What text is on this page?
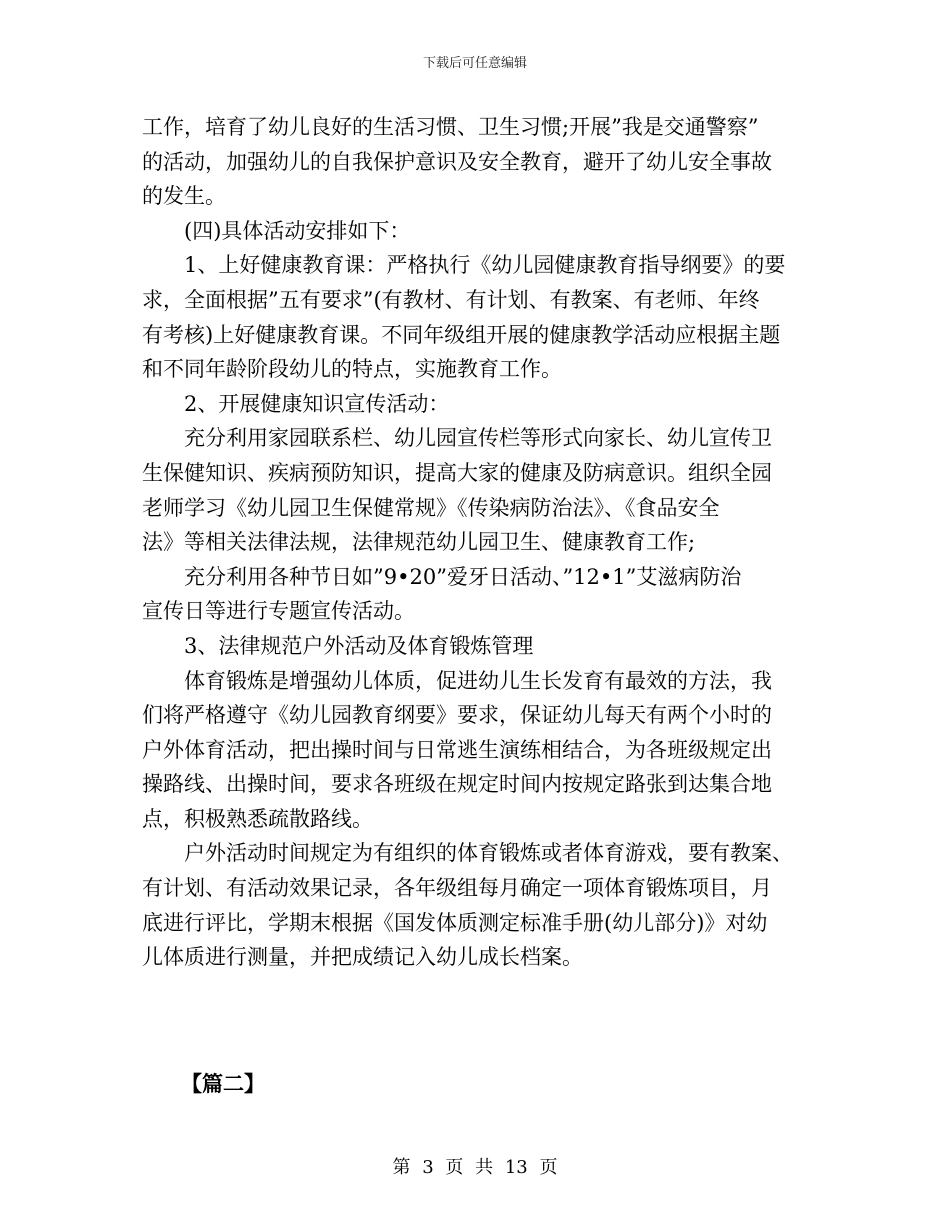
下载后可任意编辑
工作，培育了幼儿良好的生活习惯、卫生习惯;开展”我是交通警察”
的活动，加强幼儿的自我保护意识及安全教育，避开了幼儿安全事故
的发生。
(四)具体活动安排如下：
1、上好健康教育课：严格执行《幼儿园健康教育指导纲要》的要
求，全面根据”五有要求”(有教材、有计划、有教案、有老师、年终
有考核)上好健康教育课。不同年级组开展的健康教学活动应根据主题
和不同年龄阶段幼儿的特点，实施教育工作。
2、开展健康知识宣传活动：
充分利用家园联系栏、幼儿园宣传栏等形式向家长、幼儿宣传卫
生保健知识、疾病预防知识，提高大家的健康及防病意识。组织全园
老师学习《幼儿园卫生保健常规》《传染病防治法》、《食品安全
法》等相关法律法规，法律规范幼儿园卫生、健康教育工作;
充分利用各种节日如”9•20”爱牙日活动、”12•1”艾滋病防治
宣传日等进行专题宣传活动。
3、法律规范户外活动及体育锻炼管理
体育锻炼是增强幼儿体质，促进幼儿生长发育有最效的方法，我
们将严格遵守《幼儿园教育纲要》要求，保证幼儿每天有两个小时的
户外体育活动，把出操时间与日常逃生演练相结合，为各班级规定出
操路线、出操时间，要求各班级在规定时间内按规定路张到达集合地
点，积极熟悉疏散路线。
户外活动时间规定为有组织的体育锻炼或者体育游戏，要有教案、
有计划、有活动效果记录，各年级组每月确定一项体育锻炼项目，月
底进行评比，学期末根据《国发体质测定标准手册(幼儿部分)》对幼
儿体质进行测量，并把成绩记入幼儿成长档案。
【篇二】
第 3 页 共 13 页
